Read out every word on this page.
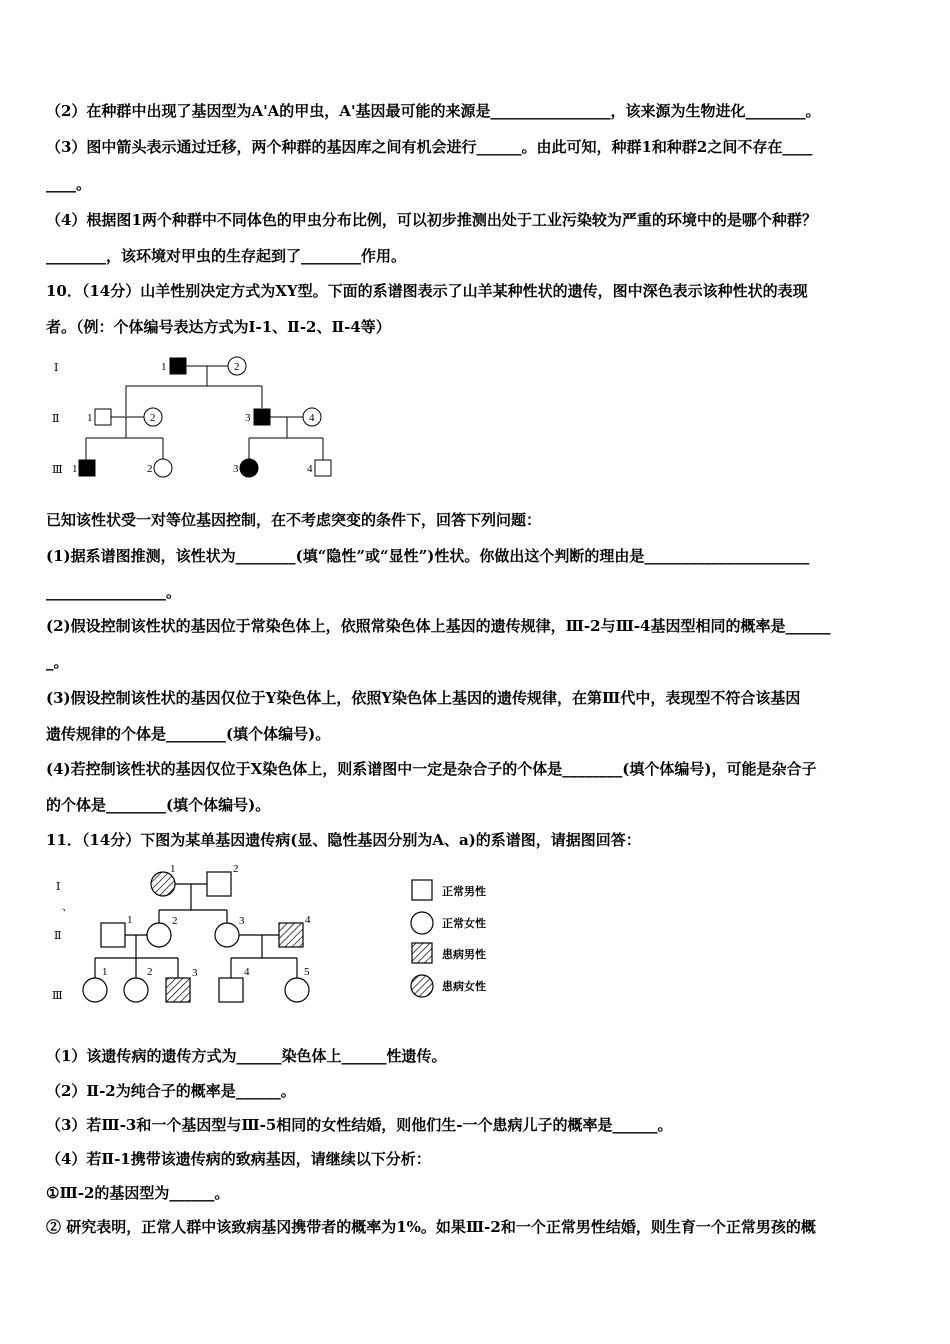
（2）在种群中出现了基因型为A'A的甲虫，A'基因最可能的来源是________________，该来源为生物进化________。
（3）图中箭头表示通过迁移，两个种群的基因库之间有机会进行______。由此可知，种群1和种群2之间不存在____
____。
（4）根据图1两个种群中不同体色的甲虫分布比例，可以初步推测出处于工业污染较为严重的环境中的是哪个种群？
________，该环境对甲虫的生存起到了________作用。
10．（14分）山羊性别决定方式为XY型。下面的系谱图表示了山羊某种性状的遗传，图中深色表示该种性状的表现
者。（例：个体编号表达方式为Ⅰ-1、Ⅱ-2、Ⅱ-4等）
Ⅰ
Ⅱ
Ⅲ
1	2
1	2	3	4
1	2	3	4
已知该性状受一对等位基因控制，在不考虑突变的条件下，回答下列问题：
(1)据系谱图推测，该性状为________(填“隐性”或“显性”)性状。你做出这个判断的理由是______________________
________________。
(2)假设控制该性状的基因位于常染色体上，依照常染色体上基因的遗传规律，Ⅲ-2与Ⅲ-4基因型相同的概率是______
_。
(3)假设控制该性状的基因仅位于Y染色体上，依照Y染色体上基因的遗传规律，在第Ⅲ代中，表现型不符合该基因
遗传规律的个体是________(填个体编号)。
(4)若控制该性状的基因仅位于X染色体上，则系谱图中一定是杂合子的个体是________(填个体编号)，可能是杂合子
的个体是________(填个体编号)。
11．（14分）下图为某单基因遗传病(显、隐性基因分别为A、a)的系谱图，请据图回答：
Ⅰ
、
Ⅱ
Ⅲ
1	2
1	2	3	4
1	2	3	4	5
正常男性
正常女性
患病男性
患病女性
（1）该遗传病的遗传方式为______染色体上______性遗传。
（2）Ⅱ-2为纯合子的概率是______。
（3）若Ⅲ-3和一个基因型与Ⅲ-5相同的女性结婚，则他们生-一个患病儿子的概率是______。
（4）若Ⅱ-1携带该遗传病的致病基因，请继续以下分析：
①Ⅲ-2的基因型为______。
② 研究表明，正常人群中该致病基冈携带者的概率为1%。如果Ⅲ-2和一个正常男性结婚，则生育一个正常男孩的概
